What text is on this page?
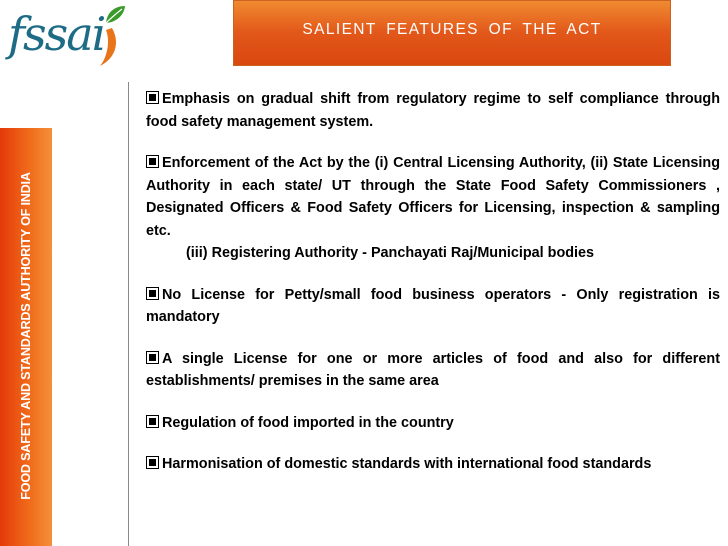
fssai
FOOD SAFETY AND STANDARDS AUTHORITY OF INDIA
SALIENT FEATURES OF THE ACT
Emphasis on gradual shift from regulatory regime to self compliance through food safety management system.
Enforcement of the Act by the (i) Central Licensing Authority, (ii) State Licensing Authority in each state/ UT through the State Food Safety Commissioners , Designated Officers & Food Safety Officers for Licensing, inspection & sampling etc.
(iii) Registering Authority - Panchayati Raj/Municipal bodies
No License for Petty/small food business operators - Only registration is mandatory
A single License for one or more articles of food and also for different establishments/ premises in the same area
Regulation of food imported in the country
Harmonisation of domestic standards with international food standards
